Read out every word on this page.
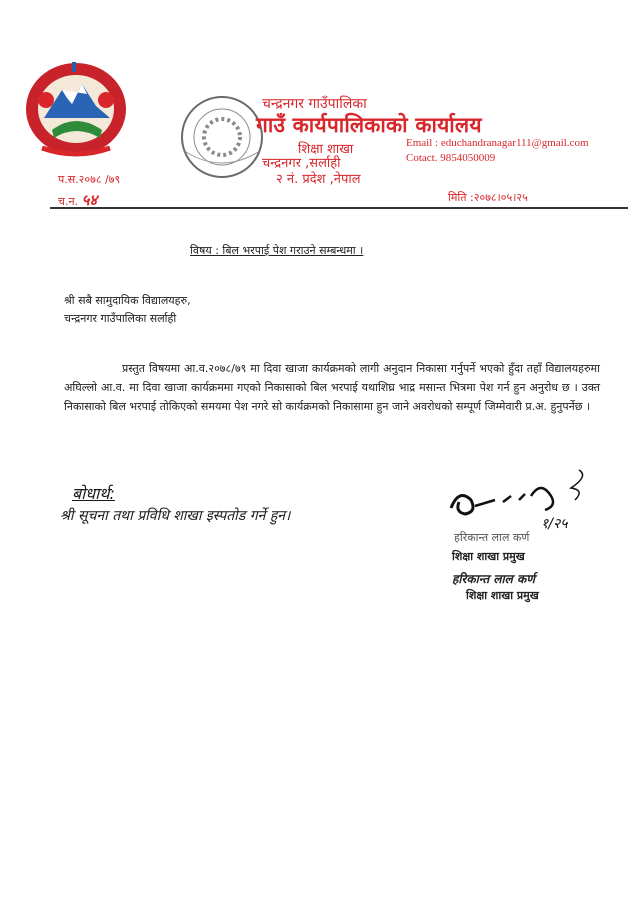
चन्द्रनगर गाउँपालिका
गाउँ कार्यपालिकाको कार्यालय
शिक्षा शाखा
चन्द्रनगर ,सर्लाही
२ नं. प्रदेश ,नेपाल
Email : educhandranagar111@gmail.com
Cotact. 9854050009
प.स.२०७८ /७९
च.न. ५४	मिति :२०७८।०५।२५
विषय : बिल भरपाई पेश गराउने सम्बन्धमा ।
श्री सबै सामुदायिक विद्यालयहरु,
चन्द्रनगर गाउँपालिका सर्लाही
प्रस्तुत विषयमा आ.व.२०७८/७९ मा दिवा खाजा कार्यक्रमको लागी अनुदान निकासा गर्नुपर्ने भएको हुँदा तहाँ विद्यालयहरुमा अघिल्लो आ.व. मा दिवा खाजा कार्यक्रममा गएको निकासाको बिल भरपाई यथाशिघ्र भाद्र मसान्त भित्रमा पेश गर्न हुन अनुरोध छ । उक्त निकासाको बिल भरपाई तोकिएको समयमा पेश नगरे सो कार्यक्रमको निकासामा हुन जाने अवरोधको सम्पूर्ण जिम्मेवारी प्र.अ. हुनुपर्नेछ ।
बोधार्थ:
श्री सूचना तथा प्रविधि शाखा इस्पतोड गर्ने हुन।	१/२५
हरिकान्त लाल कर्ण
शिक्षा शाखा प्रमुख
हरिकान्त लाल कर्ण
शिक्षा शाखा प्रमुख
